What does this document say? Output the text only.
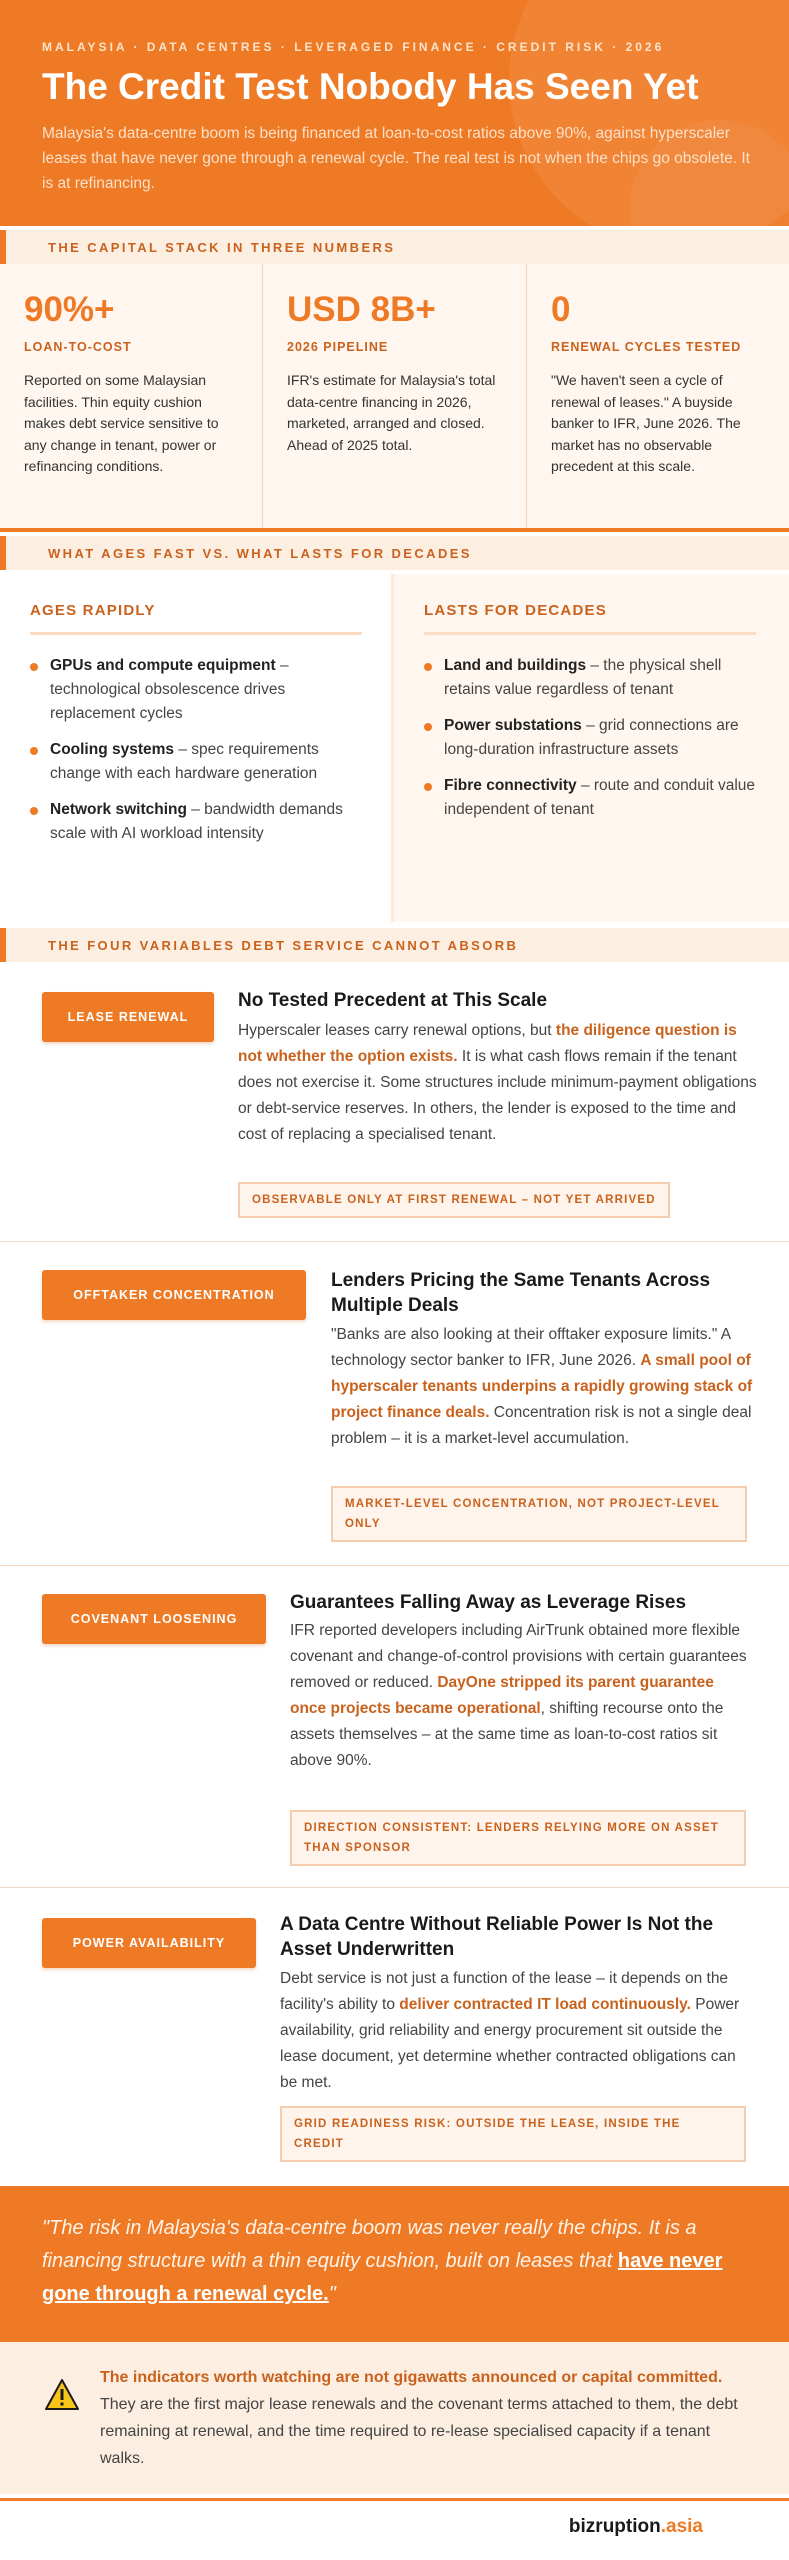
MALAYSIA · DATA CENTRES · LEVERAGED FINANCE · CREDIT RISK · 2026
The Credit Test Nobody Has Seen Yet

Malaysia's data-centre boom is being financed at loan-to-cost ratios above 90%, against hyperscaler leases that have never gone through a renewal cycle. The real test is not when the chips go obsolete. It is at refinancing.

THE CAPITAL STACK IN THREE NUMBERS
90%+
LOAN-TO-COST
Reported on some Malaysian facilities. Thin equity cushion makes debt service sensitive to any change in tenant, power or refinancing conditions.
USD 8B+
2026 PIPELINE
IFR's estimate for Malaysia's total data-centre financing in 2026, marketed, arranged and closed. Ahead of 2025 total.
0
RENEWAL CYCLES TESTED
"We haven't seen a cycle of renewal of leases." A buyside banker to IFR, June 2026. The market has no observable precedent at this scale.
WHAT AGES FAST VS. WHAT LASTS FOR DECADES
AGES RAPIDLY
GPUs and compute equipment – technological obsolescence drives replacement cycles
Cooling systems – spec requirements change with each hardware generation
Network switching – bandwidth demands scale with AI workload intensity
LASTS FOR DECADES
Land and buildings – the physical shell retains value regardless of tenant
Power substations – grid connections are long-duration infrastructure assets
Fibre connectivity – route and conduit value independent of tenant
THE FOUR VARIABLES DEBT SERVICE CANNOT ABSORB
LEASE RENEWAL
No Tested Precedent at This Scale
Hyperscaler leases carry renewal options, but the diligence question is not whether the option exists. It is what cash flows remain if the tenant does not exercise it. Some structures include minimum-payment obligations or debt-service reserves. In others, the lender is exposed to the time and cost of replacing a specialised tenant.
OBSERVABLE ONLY AT FIRST RENEWAL – NOT YET ARRIVED
OFFTAKER CONCENTRATION
Lenders Pricing the Same Tenants Across Multiple Deals
"Banks are also looking at their offtaker exposure limits." A technology sector banker to IFR, June 2026. A small pool of hyperscaler tenants underpins a rapidly growing stack of project finance deals. Concentration risk is not a single deal problem – it is a market-level accumulation.
MARKET-LEVEL CONCENTRATION, NOT PROJECT-LEVEL ONLY
COVENANT LOOSENING
Guarantees Falling Away as Leverage Rises
IFR reported developers including AirTrunk obtained more flexible covenant and change-of-control provisions with certain guarantees removed or reduced. DayOne stripped its parent guarantee once projects became operational, shifting recourse onto the assets themselves – at the same time as loan-to-cost ratios sit above 90%.
DIRECTION CONSISTENT: LENDERS RELYING MORE ON ASSET THAN SPONSOR
POWER AVAILABILITY
A Data Centre Without Reliable Power Is Not the Asset Underwritten
Debt service is not just a function of the lease – it depends on the facility's ability to deliver contracted IT load continuously. Power availability, grid reliability and energy procurement sit outside the lease document, yet determine whether contracted obligations can be met.
GRID READINESS RISK: OUTSIDE THE LEASE, INSIDE THE CREDIT

"The risk in Malaysia's data-centre boom was never really the chips. It is a financing structure with a thin equity cushion, built on leases that have never gone through a renewal cycle."

The indicators worth watching are not gigawatts announced or capital committed. They are the first major lease renewals and the covenant terms attached to them, the debt remaining at renewal, and the time required to re-lease specialised capacity if a tenant walks.

bizruption.asia
